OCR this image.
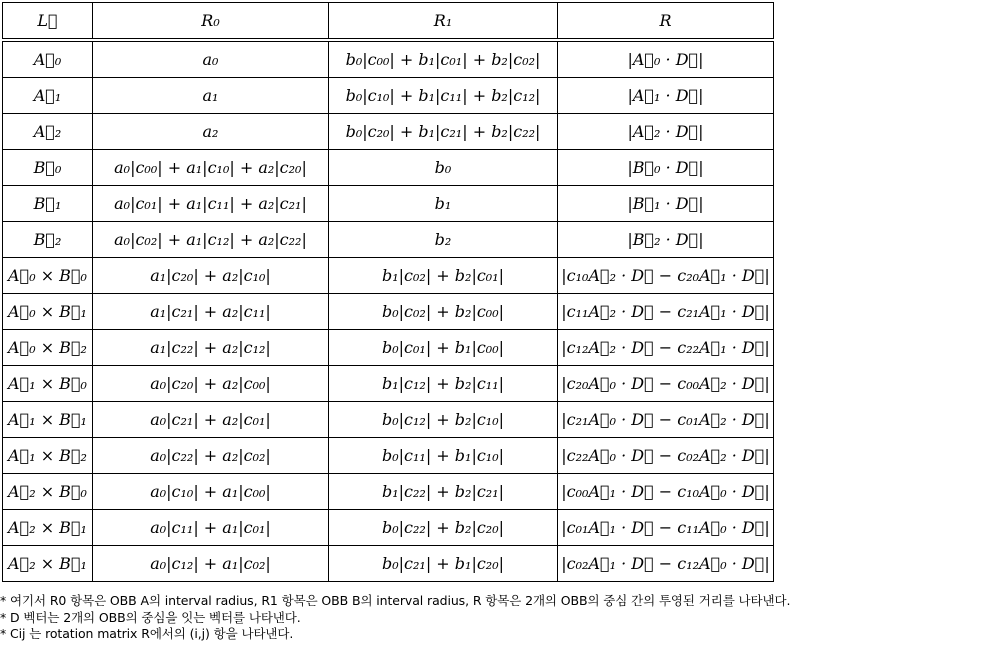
L⃗	R₀	R₁	R
A⃗₀	a₀	b₀|c₀₀| + b₁|c₀₁| + b₂|c₀₂|	|A⃗₀ · D⃗|
A⃗₁	a₁	b₀|c₁₀| + b₁|c₁₁| + b₂|c₁₂|	|A⃗₁ · D⃗|
A⃗₂	a₂	b₀|c₂₀| + b₁|c₂₁| + b₂|c₂₂|	|A⃗₂ · D⃗|
B⃗₀	a₀|c₀₀| + a₁|c₁₀| + a₂|c₂₀|	b₀	|B⃗₀ · D⃗|
B⃗₁	a₀|c₀₁| + a₁|c₁₁| + a₂|c₂₁|	b₁	|B⃗₁ · D⃗|
B⃗₂	a₀|c₀₂| + a₁|c₁₂| + a₂|c₂₂|	b₂	|B⃗₂ · D⃗|
A⃗₀ × B⃗₀	a₁|c₂₀| + a₂|c₁₀|	b₁|c₀₂| + b₂|c₀₁|	|c₁₀A⃗₂ · D⃗ − c₂₀A⃗₁ · D⃗|
A⃗₀ × B⃗₁	a₁|c₂₁| + a₂|c₁₁|	b₀|c₀₂| + b₂|c₀₀|	|c₁₁A⃗₂ · D⃗ − c₂₁A⃗₁ · D⃗|
A⃗₀ × B⃗₂	a₁|c₂₂| + a₂|c₁₂|	b₀|c₀₁| + b₁|c₀₀|	|c₁₂A⃗₂ · D⃗ − c₂₂A⃗₁ · D⃗|
A⃗₁ × B⃗₀	a₀|c₂₀| + a₂|c₀₀|	b₁|c₁₂| + b₂|c₁₁|	|c₂₀A⃗₀ · D⃗ − c₀₀A⃗₂ · D⃗|
A⃗₁ × B⃗₁	a₀|c₂₁| + a₂|c₀₁|	b₀|c₁₂| + b₂|c₁₀|	|c₂₁A⃗₀ · D⃗ − c₀₁A⃗₂ · D⃗|
A⃗₁ × B⃗₂	a₀|c₂₂| + a₂|c₀₂|	b₀|c₁₁| + b₁|c₁₀|	|c₂₂A⃗₀ · D⃗ − c₀₂A⃗₂ · D⃗|
A⃗₂ × B⃗₀	a₀|c₁₀| + a₁|c₀₀|	b₁|c₂₂| + b₂|c₂₁|	|c₀₀A⃗₁ · D⃗ − c₁₀A⃗₀ · D⃗|
A⃗₂ × B⃗₁	a₀|c₁₁| + a₁|c₀₁|	b₀|c₂₂| + b₂|c₂₀|	|c₀₁A⃗₁ · D⃗ − c₁₁A⃗₀ · D⃗|
A⃗₂ × B⃗₁	a₀|c₁₂| + a₁|c₀₂|	b₀|c₂₁| + b₁|c₂₀|	|c₀₂A⃗₁ · D⃗ − c₁₂A⃗₀ · D⃗|
* 여기서 R0 항목은 OBB A의 interval radius, R1 항목은 OBB B의 interval radius, R 항목은 2개의 OBB의 중심 간의 투영된 거리를 나타낸다.
* D 벡터는 2개의 OBB의 중심을 잇는 벡터를 나타낸다.
* Cij 는 rotation matrix R에서의 (i,j) 항을 나타낸다.
